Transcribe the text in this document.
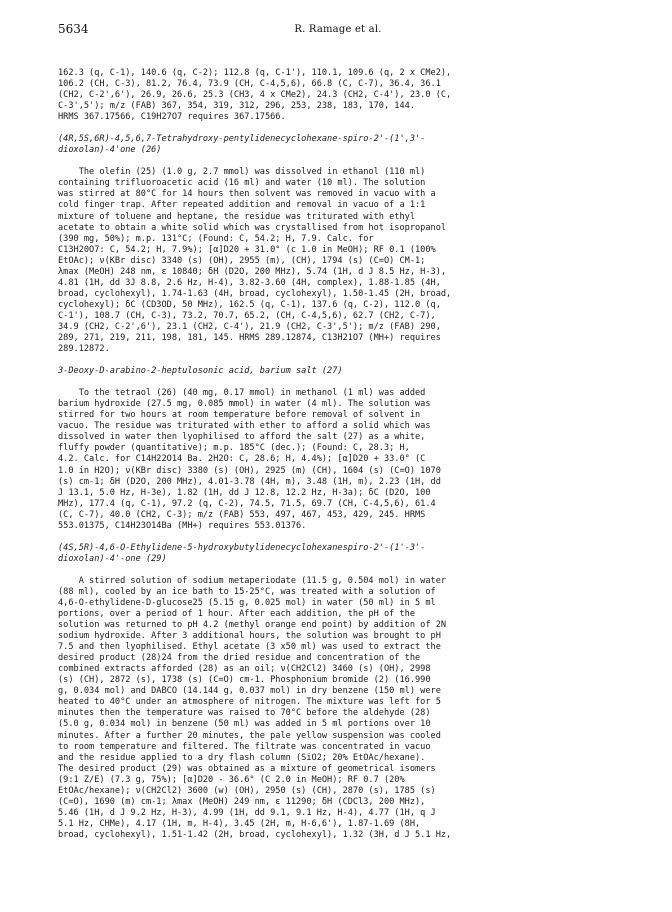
5634	R. Ramage et al.
162.3 (q, C-1), 140.6 (q, C-2); 112.8 (q, C-1'), 110.1, 109.6 (q, 2 x CMe2),
106.2 (CH, C-3), 81.2, 76.4, 73.9 (CH, C-4,5,6), 66.8 (C, C-7), 36.4, 36.1
(CH2, C-2',6'), 26.9, 26.6, 25.3 (CH3, 4 x CMe2), 24.3 (CH2, C-4'), 23.0 (C,
C-3',5'); m/z (FAB) 367, 354, 319, 312, 296, 253, 238, 183, 170, 144.
HRMS 367.17566, C19H27O7 requires 367.17566.
(4R,5S,6R)-4,5,6,7-Tetrahydroxy-pentylidenecyclohexane-spiro-2'-(1',3'-
dioxolan)-4'one (26)
The olefin (25) (1.0 g, 2.7 mmol) was dissolved in ethanol (110 ml)
containing trifluoroacetic acid (16 ml) and water (10 ml). The solution
was stirred at 80°C for 14 hours then solvent was removed in vacuo with a
cold finger trap. After repeated addition and removal in vacuo of a 1:1
mixture of toluene and heptane, the residue was triturated with ethyl
acetate to obtain a white solid which was crystallised from hot isopropanol
(390 mg, 50%); m.p. 131°C; (Found: C, 54.2; H, 7.9. Calc. for
C13H20O7: C, 54.2; H, 7.9%); [α]D20 + 31.0° (c 1.0 in MeOH); RF 0.1 (100%
EtOAc); ν(KBr disc) 3340 (s) (OH), 2955 (m), (CH), 1794 (s) (C=O) CM-1;
λmax (MeOH) 248 nm, ε 10840; δH (D2O, 200 MHz), 5.74 (1H, d J 8.5 Hz, H-3),
4.81 (1H, dd 3J 8.8, 2.6 Hz, H-4), 3.82-3.60 (4H, complex), 1.88-1.85 (4H,
broad, cyclohexyl), 1.74-1.63 (4H, broad, cyclohexyl), 1.50-1.45 (2H, broad,
cyclohexyl); δC (CD3OD, 50 MHz), 162.5 (q, C-1), 137.6 (q, C-2), 112.0 (q,
C-1'), 108.7 (CH, C-3), 73.2, 70.7, 65.2, (CH, C-4,5,6), 62.7 (CH2, C-7),
34.9 (CH2, C-2',6'), 23.1 (CH2, C-4'), 21.9 (CH2, C-3',5'); m/z (FAB) 290,
289, 271, 219, 211, 198, 181, 145. HRMS 289.12874, C13H21O7 (MH+) requires
289.12872.
3-Deoxy-D-arabino-2-heptulosonic acid, barium salt (27)
To the tetraol (26) (40 mg, 0.17 mmol) in methanol (1 ml) was added
barium hydroxide (27.5 mg, 0.085 mmol) in water (4 ml). The solution was
stirred for two hours at room temperature before removal of solvent in
vacuo. The residue was triturated with ether to afford a solid which was
dissolved in water then lyophilised to afford the salt (27) as a white,
fluffy powder (quantitative); m.p. 185°C (dec.); (Found: C, 28.3; H,
4.2. Calc. for C14H22O14 Ba. 2H2O: C, 28.6; H, 4.4%); [α]D20 + 33.0° (C
1.0 in H2O); ν(KBr disc) 3380 (s) (OH), 2925 (m) (CH), 1604 (s) (C=O) 1070
(s) cm-1; δH (D2O, 200 MHz), 4.01-3.78 (4H, m), 3.48 (1H, m), 2.23 (1H, dd
J 13.1, 5.0 Hz, H-3e), 1.82 (1H, dd J 12.8, 12.2 Hz, H-3a); δC (D2O, 100
MHz), 177.4 (q, C-1), 97.2 (q, C-2), 74.5, 71.5, 69.7 (CH, C-4,5,6), 61.4
(C, C-7), 40.0 (CH2, C-3); m/z (FAB) 553, 497, 467, 453, 429, 245. HRMS
553.01375, C14H23O14Ba (MH+) requires 553.01376.
(4S,5R)-4,6-O-Ethylidene-5-hydroxybutylidenecyclohexanespiro-2'-(1'-3'-
dioxolan)-4'-one (29)
A stirred solution of sodium metaperiodate (11.5 g, 0.504 mol) in water
(88 ml), cooled by an ice bath to 15-25°C, was treated with a solution of
4,6-O-ethylidene-D-glucose25 (5.15 g, 0.025 mol) in water (50 ml) in 5 ml
portions, over a period of 1 hour. After each addition, the pH of the
solution was returned to pH 4.2 (methyl orange end point) by addition of 2N
sodium hydroxide. After 3 additional hours, the solution was brought to pH
7.5 and then lyophilised. Ethyl acetate (3 x50 ml) was used to extract the
desired product (28)24 from the dried residue and concentration of the
combined extracts afforded (28) as an oil; ν(CH2Cl2) 3460 (s) (OH), 2998
(s) (CH), 2872 (s), 1738 (s) (C=O) cm-1. Phosphonium bromide (2) (16.990
g, 0.034 mol) and DABCO (14.144 g, 0.037 mol) in dry benzene (150 ml) were
heated to 40°C under an atmosphere of nitrogen. The mixture was left for 5
minutes then the temperature was raised to 70°C before the aldehyde (28)
(5.0 g, 0.034 mol) in benzene (50 ml) was added in 5 ml portions over 10
minutes. After a further 20 minutes, the pale yellow suspension was cooled
to room temperature and filtered. The filtrate was concentrated in vacuo
and the residue applied to a dry flash column (SiO2; 20% EtOAc/hexane).
The desired product (29) was obtained as a mixture of geometrical isomers
(9:1 Z/E) (7.3 g, 75%); [α]D20 - 36.6° (C 2.0 in MeOH); RF 0.7 (20%
EtOAc/hexane); ν(CH2Cl2) 3600 (w) (OH), 2950 (s) (CH), 2870 (s), 1785 (s)
(C=O), 1690 (m) cm-1; λmax (MeOH) 249 nm, ε 11290; δH (CDCl3, 200 MHz),
5.46 (1H, d J 9.2 Hz, H-3), 4.99 (1H, dd 9.1, 9.1 Hz, H-4), 4.77 (1H, q J
5.1 Hz, CHMe), 4.17 (1H, m, H-4), 3.45 (2H, m, H-6,6'), 1.87-1.69 (8H,
broad, cyclohexyl), 1.51-1.42 (2H, broad, cyclohexyl), 1.32 (3H, d J 5.1 Hz,
